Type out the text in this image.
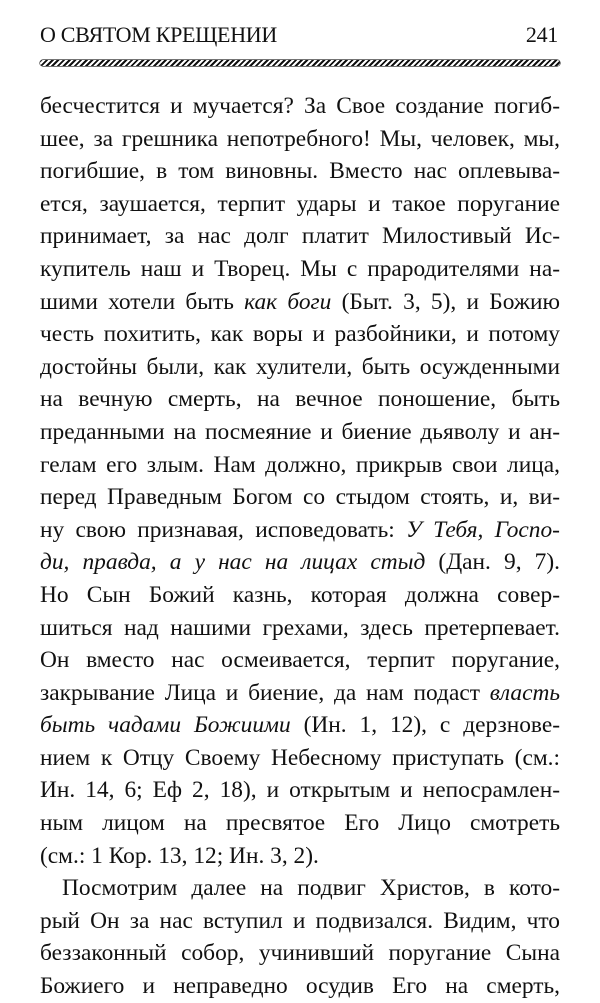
О СВЯТОМ КРЕЩЕНИИ	241
бесчестится и мучается? За Свое создание погиб-
шее, за грешника непотребного! Мы, человек, мы,
погибшие, в том виновны. Вместо нас оплевыва-
ется, заушается, терпит удары и такое поругание
принимает, за нас долг платит Милостивый Ис-
купитель наш и Творец. Мы с прародителями на-
шими хотели быть как боги (Быт. 3, 5), и Божию
честь похитить, как воры и разбойники, и потому
достойны были, как хулители, быть осужденными
на вечную смерть, на вечное поношение, быть
преданными на посмеяние и биение дьяволу и ан-
гелам его злым. Нам должно, прикрыв свои лица,
перед Праведным Богом со стыдом стоять, и, ви-
ну свою признавая, исповедовать: У Тебя, Госпо-
ди, правда, а у нас на лицах стыд (Дан. 9, 7).
Но Сын Божий казнь, которая должна совер-
шиться над нашими грехами, здесь претерпевает.
Он вместо нас осмеивается, терпит поругание,
закрывание Лица и биение, да нам подаст власть
быть чадами Божиими (Ин. 1, 12), с дерзнове-
нием к Отцу Своему Небесному приступать (см.:
Ин. 14, 6; Еф 2, 18), и открытым и непосрамлен-
ным лицом на пресвятое Его Лицо смотреть
(см.: 1 Кор. 13, 12; Ин. 3, 2).
Посмотрим далее на подвиг Христов, в кото-
рый Он за нас вступил и подвизался. Видим, что
беззаконный собор, учинивший поругание Сына
Божиего и неправедно осудив Его на смерть,
